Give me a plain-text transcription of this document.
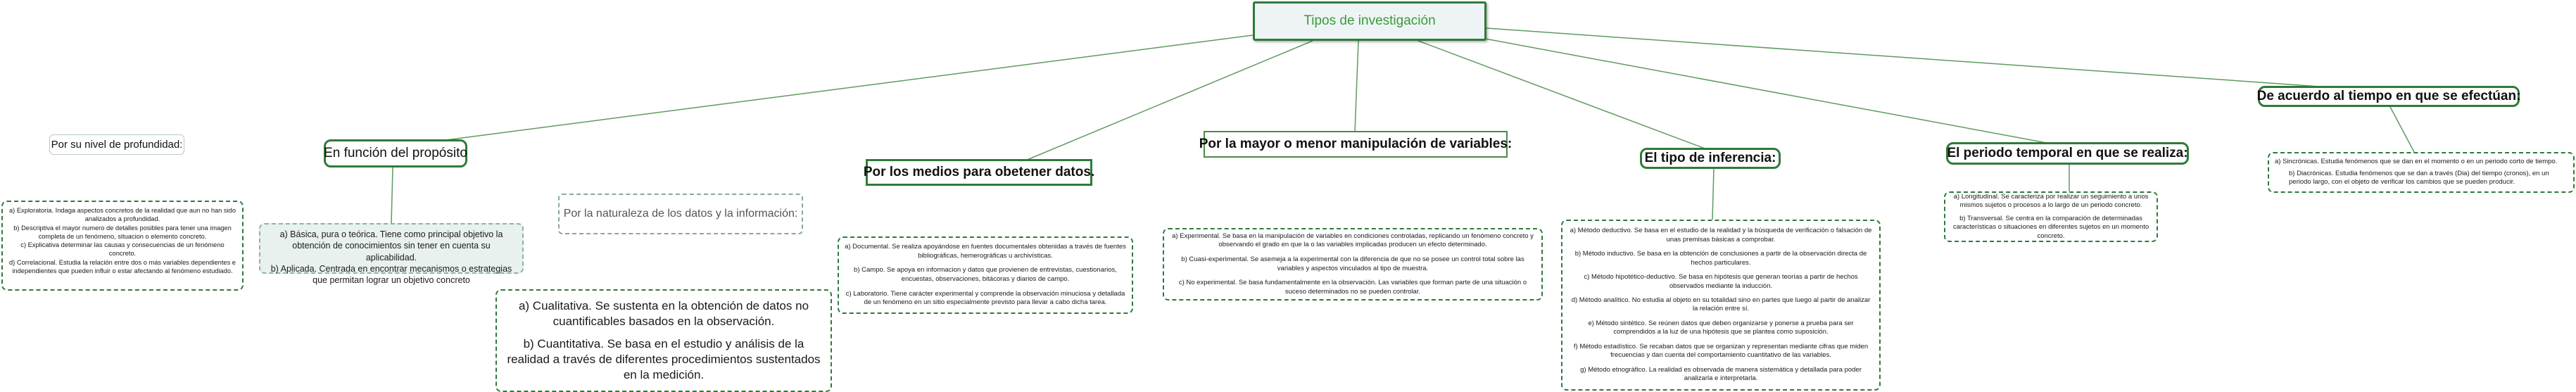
Tipos de investigación
Por su nivel de profundidad:
En función del propósito
Por la naturaleza de los datos y la información:
Por los medios para obetener datos.
Por la mayor o menor manipulación de variables:
El tipo de inferencia:	El periodo temporal en que se realiza:
De acuerdo al tiempo en que se efectúan:

a) Exploratoria. Indaga aspectos concretos de la realidad que aun no han sido analizados a profundidad.

b) Descriptiva el mayor numero de detalles posibles para tener una imagen completa de un fenómeno, situacion o elemento concreto.

c) Explicativa determinar las causas y consecuencias de un fenómeno concreto.

d) Correlacional. Estudia la relación entre dos o más variables dependientes e independientes que pueden influir o estar afectando al fenómeno estudiado.

a) Básica, pura o teórica. Tiene como principal objetivo la obtención de conocimientos sin tener en cuenta su aplicabilidad.

b) Aplicada. Centrada en encontrar mecanismos o estrategias que permitan lograr un objetivo concreto

a) Cualitativa. Se sustenta en la obtención de datos no cuantificables basados en la observación.

b) Cuantitativa. Se basa en el estudio y análisis de la realidad a través de diferentes procedimientos sustentados en la medición.

a) Documental. Se realiza apoyándose en fuentes documentales obtenidas a través de fuentes bibliográficas, hemerográficas u archivísticas.

b) Campo. Se apoya en informacion y datos que provienen de entrevistas, cuestionarios, encuestas, observaciones, bitácoras y diarios de campo.

c) Laboratorio. Tiene carácter experimental y comprende la observación minuciosa y detallada de un fenómeno en un sitio especialmente previsto para llevar a cabo dicha tarea.

a) Experimental. Se basa en la manipulación de variables en condiciones controladas, replicando un fenómeno concreto y observando el grado en que la o las variables implicadas producen un efecto determinado.

b) Cuasi-experimental. Se asemeja a la experimental con la diferencia de que no se posee un control total sobre las variables y aspectos vinculados al tipo de muestra.

c) No experimental. Se basa fundamentalmente en la observación. Las variables que forman parte de una situación o suceso determinados no se pueden controlar.

a) Método deductivo. Se basa en el estudio de la realidad y la búsqueda de verificación o falsación de unas premisas básicas a comprobar.

b) Método inductivo. Se basa en la obtención de conclusiones a partir de la observación directa de hechos particulares.

c) Método hipotético-deductivo. Se basa en hipótesis que generan teorías a partir de hechos observados mediante la inducción.

d) Método analítico. No estudia al objeto en su totalidad sino en partes que luego al partir de analizar la relación entre sí.

e) Método sintético. Se reúnen datos que deben organizarse y ponerse a prueba para ser comprendidos a la luz de una hipótesis que se plantea como suposición.

f) Método estadístico. Se recaban datos que se organizan y representan mediante cifras que miden frecuencias y dan cuenta del comportamiento cuantitativo de las variables.

g) Método etnográfico. La realidad es observada de manera sistemática y detallada para poder analizarla e interpretarla.

a) Longitudinal. Se caracteriza por realizar un seguimiento a unos mismos sujetos o procesos a lo largo de un periodo concreto.

b) Transversal. Se centra en la comparación de determinadas características o situaciones en diferentes sujetos en un momento concreto.

a) Sincrónicas. Estudia fenómenos que se dan en el momento o en un periodo corto de tiempo.

b) Diacrónicas. Estudia fenómenos que se dan a través (Dia) del tiempo (cronos), en un periodo largo, con el objeto de verificar los cambios que se pueden producir.
